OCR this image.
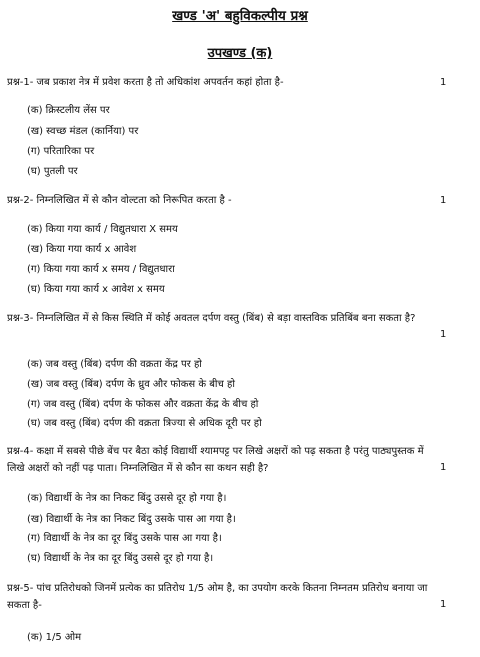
खण्ड 'अ' बहुविकल्पीय प्रश्न
उपखण्ड (क)
प्रश्न-1- जब प्रकाश नेत्र में प्रवेश करता है तो अधिकांश अपवर्तन कहां होता है-	1
(क) क्रिस्टलीय लेंस पर
(ख) स्वच्छ मंडल (कार्निया) पर
(ग) परितारिका पर
(घ) पुतली पर
प्रश्न-2- निम्नलिखित में से कौन वोल्टता को निरूपित करता है -	1
(क) किया गया कार्य / विद्युतधारा X समय
(ख) किया गया कार्य x आवेश
(ग) किया गया कार्य x समय / विद्युतधारा
(घ) किया गया कार्य x आवेश x समय
प्रश्न-3- निम्नलिखित में से किस स्थिति में कोई अवतल दर्पण वस्तु (बिंब) से बड़ा वास्तविक प्रतिबिंब बना सकता है?
1
(क) जब वस्तु (बिंब) दर्पण की वक्रता केंद्र पर हो
(ख) जब वस्तु (बिंब) दर्पण के ध्रुव और फोकस के बीच हो
(ग) जब वस्तु (बिंब) दर्पण के फोकस और वक्रता केंद्र के बीच हो
(घ) जब वस्तु (बिंब) दर्पण की वक्रता त्रिज्या से अधिक दूरी पर हो
प्रश्न-4- कक्षा में सबसे पीछे बेंच पर बैठा कोई विद्यार्थी श्यामपट्ट पर लिखे अक्षरों को पढ़ सकता है परंतु पाठ्यपुस्तक में लिखे अक्षरों को नहीं पढ़ पाता। निम्नलिखित में से कौन सा कथन सही है?	1
(क) विद्यार्थी के नेत्र का निकट बिंदु उससे दूर हो गया है।
(ख) विद्यार्थी के नेत्र का निकट बिंदु उसके पास आ गया है।
(ग) विद्यार्थी के नेत्र का दूर बिंदु उसके पास आ गया है।
(घ) विद्यार्थी के नेत्र का दूर बिंदु उससे दूर हो गया है।
प्रश्न-5- पांच प्रतिरोधको जिनमें प्रत्येक का प्रतिरोध 1/5 ओम है, का उपयोग करके कितना निम्नतम प्रतिरोध बनाया जा सकता है-	1
(क) 1/5 ओम
